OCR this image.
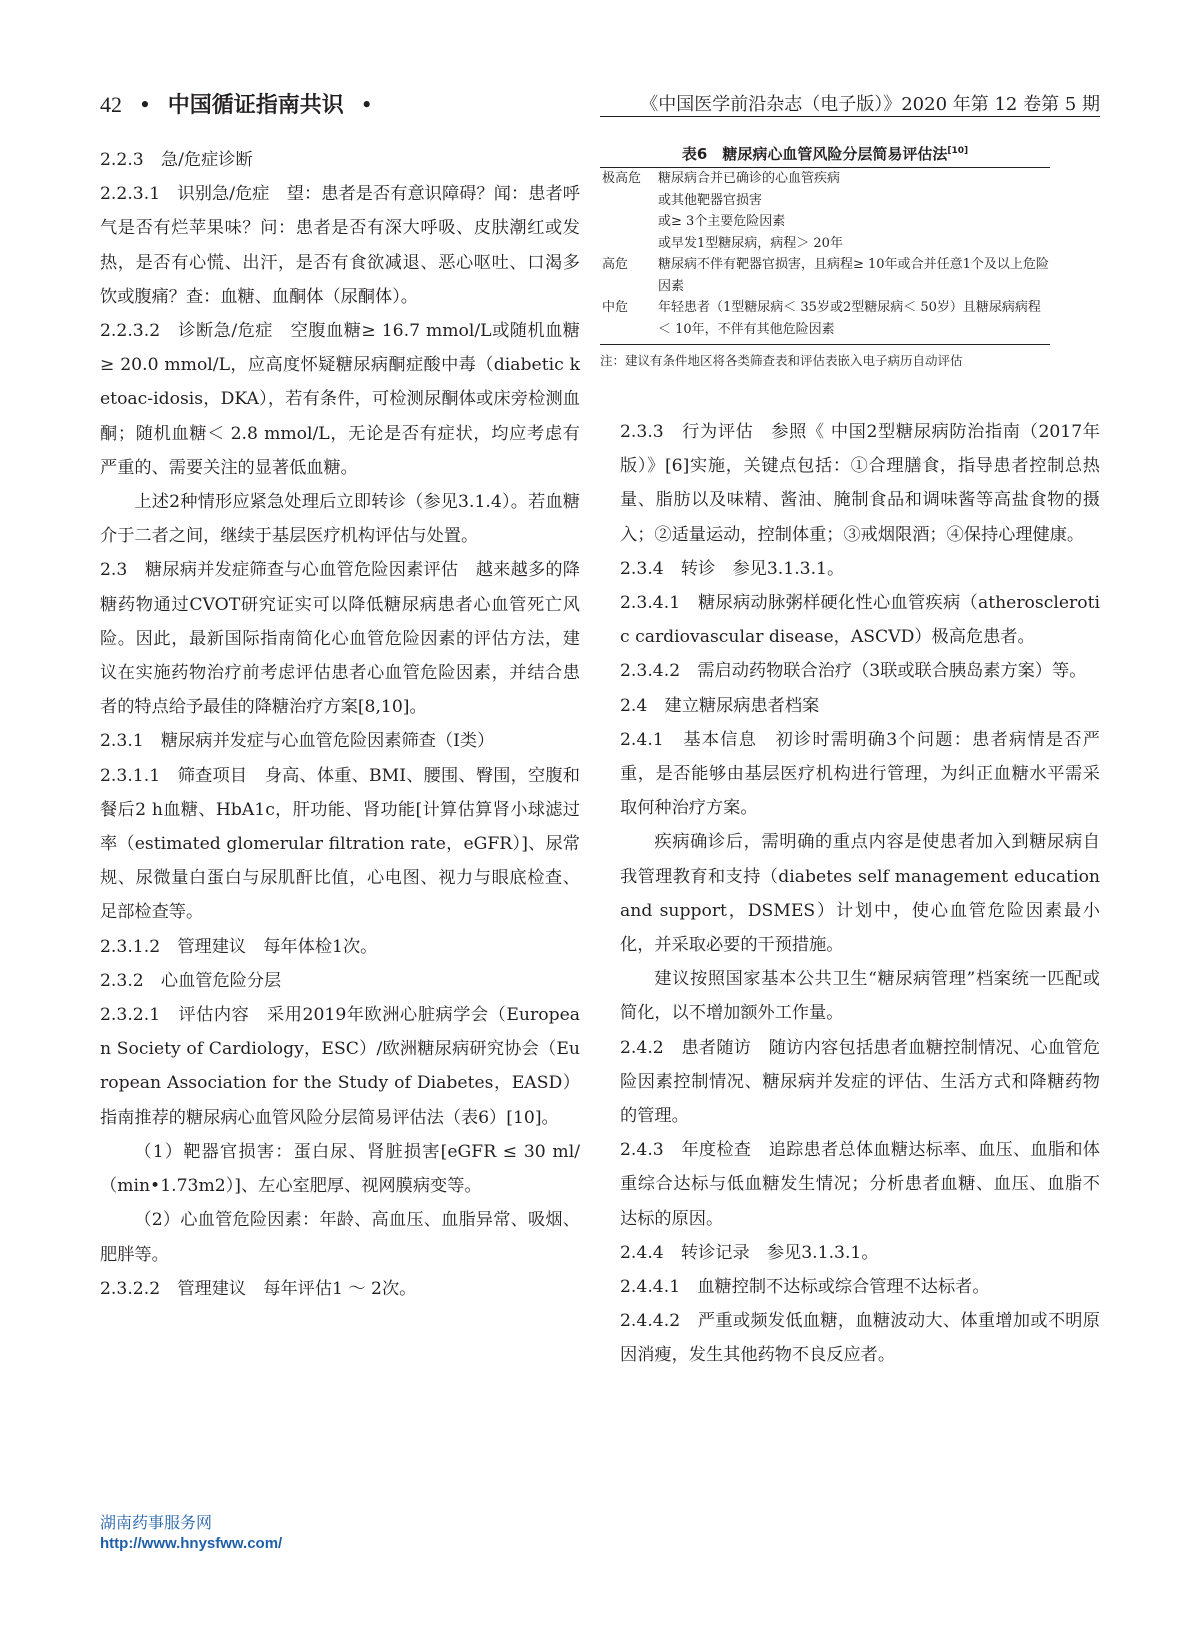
42 • 中国循证指南共识 •	《中国医学前沿杂志（电子版）》2020 年第 12 卷第 5 期
2.2.3　急/危症诊断
2.2.3.1　识别急/危症　望：患者是否有意识障碍？闻：患者呼气是否有烂苹果味？问：患者是否有深大呼吸、皮肤潮红或发热，是否有心慌、出汗，是否有食欲减退、恶心呕吐、口渴多饮或腹痛？查：血糖、血酮体（尿酮体）。
2.2.3.2　诊断急/危症　空腹血糖≥ 16.7 mmol/L或随机血糖≥ 20.0 mmol/L，应高度怀疑糖尿病酮症酸中毒（diabetic ketoac-idosis，DKA），若有条件，可检测尿酮体或床旁检测血酮；随机血糖＜ 2.8 mmol/L，无论是否有症状，均应考虑有严重的、需要关注的显著低血糖。
上述2种情形应紧急处理后立即转诊（参见3.1.4）。若血糖介于二者之间，继续于基层医疗机构评估与处置。
2.3　糖尿病并发症筛查与心血管危险因素评估　越来越多的降糖药物通过CVOT研究证实可以降低糖尿病患者心血管死亡风险。因此，最新国际指南简化心血管危险因素的评估方法，建议在实施药物治疗前考虑评估患者心血管危险因素，并结合患者的特点给予最佳的降糖治疗方案[8,10]。
2.3.1　糖尿病并发症与心血管危险因素筛查（Ⅰ类）
2.3.1.1　筛查项目　身高、体重、BMI、腰围、臀围，空腹和餐后2 h血糖、HbA1c，肝功能、肾功能[计算估算肾小球滤过率（estimated glomerular filtration rate，eGFR）]、尿常规、尿微量白蛋白与尿肌酐比值，心电图、视力与眼底检查、足部检查等。
2.3.1.2　管理建议　每年体检1次。
2.3.2　心血管危险分层
2.3.2.1　评估内容　采用2019年欧洲心脏病学会（European Society of Cardiology，ESC）/欧洲糖尿病研究协会（European Association for the Study of Diabetes，EASD）指南推荐的糖尿病心血管风险分层简易评估法（表6）[10]。
（1）靶器官损害：蛋白尿、肾脏损害[eGFR ≤ 30 ml/（min•1.73m2）]、左心室肥厚、视网膜病变等。
（2）心血管危险因素：年龄、高血压、血脂异常、吸烟、肥胖等。
2.3.2.2　管理建议　每年评估1 ～ 2次。
表6　糖尿病心血管风险分层简易评估法[10]
极高危	糖尿病合并已确诊的心血管疾病
或其他靶器官损害
或≥ 3个主要危险因素
或早发1型糖尿病，病程＞ 20年
高危	糖尿病不伴有靶器官损害，且病程≥ 10年或合并任意1个及以上危险因素
中危	年轻患者（1型糖尿病＜ 35岁或2型糖尿病＜ 50岁）且糖尿病病程＜ 10年，不伴有其他危险因素
注：建议有条件地区将各类筛查表和评估表嵌入电子病历自动评估
2.3.3　行为评估　参照《 中国2型糖尿病防治指南（2017年版）》[6]实施，关键点包括：①合理膳食，指导患者控制总热量、脂肪以及味精、酱油、腌制食品和调味酱等高盐食物的摄入；②适量运动，控制体重；③戒烟限酒；④保持心理健康。
2.3.4　转诊　参见3.1.3.1。
2.3.4.1　糖尿病动脉粥样硬化性心血管疾病（atherosclerotic cardiovascular disease，ASCVD）极高危患者。
2.3.4.2　需启动药物联合治疗（3联或联合胰岛素方案）等。
2.4　建立糖尿病患者档案
2.4.1　基本信息　初诊时需明确3个问题：患者病情是否严重，是否能够由基层医疗机构进行管理，为纠正血糖水平需采取何种治疗方案。
疾病确诊后，需明确的重点内容是使患者加入到糖尿病自我管理教育和支持（diabetes self management education and support，DSMES）计划中，使心血管危险因素最小化，并采取必要的干预措施。
建议按照国家基本公共卫生“糖尿病管理”档案统一匹配或简化，以不增加额外工作量。
2.4.2　患者随访　随访内容包括患者血糖控制情况、心血管危险因素控制情况、糖尿病并发症的评估、生活方式和降糖药物的管理。
2.4.3　年度检查　追踪患者总体血糖达标率、血压、血脂和体重综合达标与低血糖发生情况；分析患者血糖、血压、血脂不达标的原因。
2.4.4　转诊记录　参见3.1.3.1。
2.4.4.1　血糖控制不达标或综合管理不达标者。
2.4.4.2　严重或频发低血糖，血糖波动大、体重增加或不明原因消瘦，发生其他药物不良反应者。
湖南药事服务网
http://www.hnysfww.com/
